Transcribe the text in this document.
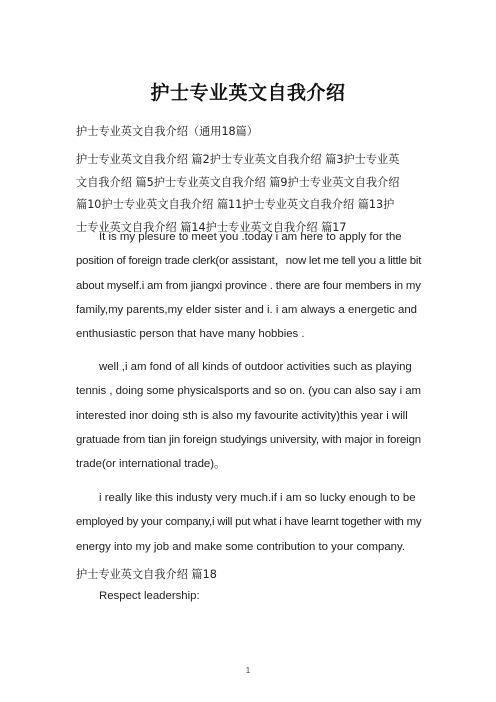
护士专业英文自我介绍
护士专业英文自我介绍（通用18篇）
护士专业英文自我介绍 篇2护士专业英文自我介绍 篇3护士专业英
文自我介绍 篇5护士专业英文自我介绍 篇9护士专业英文自我介绍
篇10护士专业英文自我介绍 篇11护士专业英文自我介绍 篇13护
士专业英文自我介绍 篇14护士专业英文自我介绍 篇17
It is my plesure to meet you .today i am here to apply for the
position of foreign trade clerk(or assistant，now let me tell you a little bit
about myself.i am from jiangxi province . there are four members in my
family,my parents,my elder sister and i. i am always a energetic and
enthusiastic person that have many hobbies .
well ,i am fond of all kinds of outdoor activities such as playing
tennis , doing some physicalsports and so on. (you can also say i am
interested inor doing sth is also my favourite activity)this year i will
gratuade from tian jin foreign studyings university, with major in foreign
trade(or international trade)。
i really like this industy very much.if i am so lucky enough to be
employed by your company,i will put what i have learnt together with my
energy into my job and make some contribution to your company.
护士专业英文自我介绍 篇18
Respect leadership:
1
